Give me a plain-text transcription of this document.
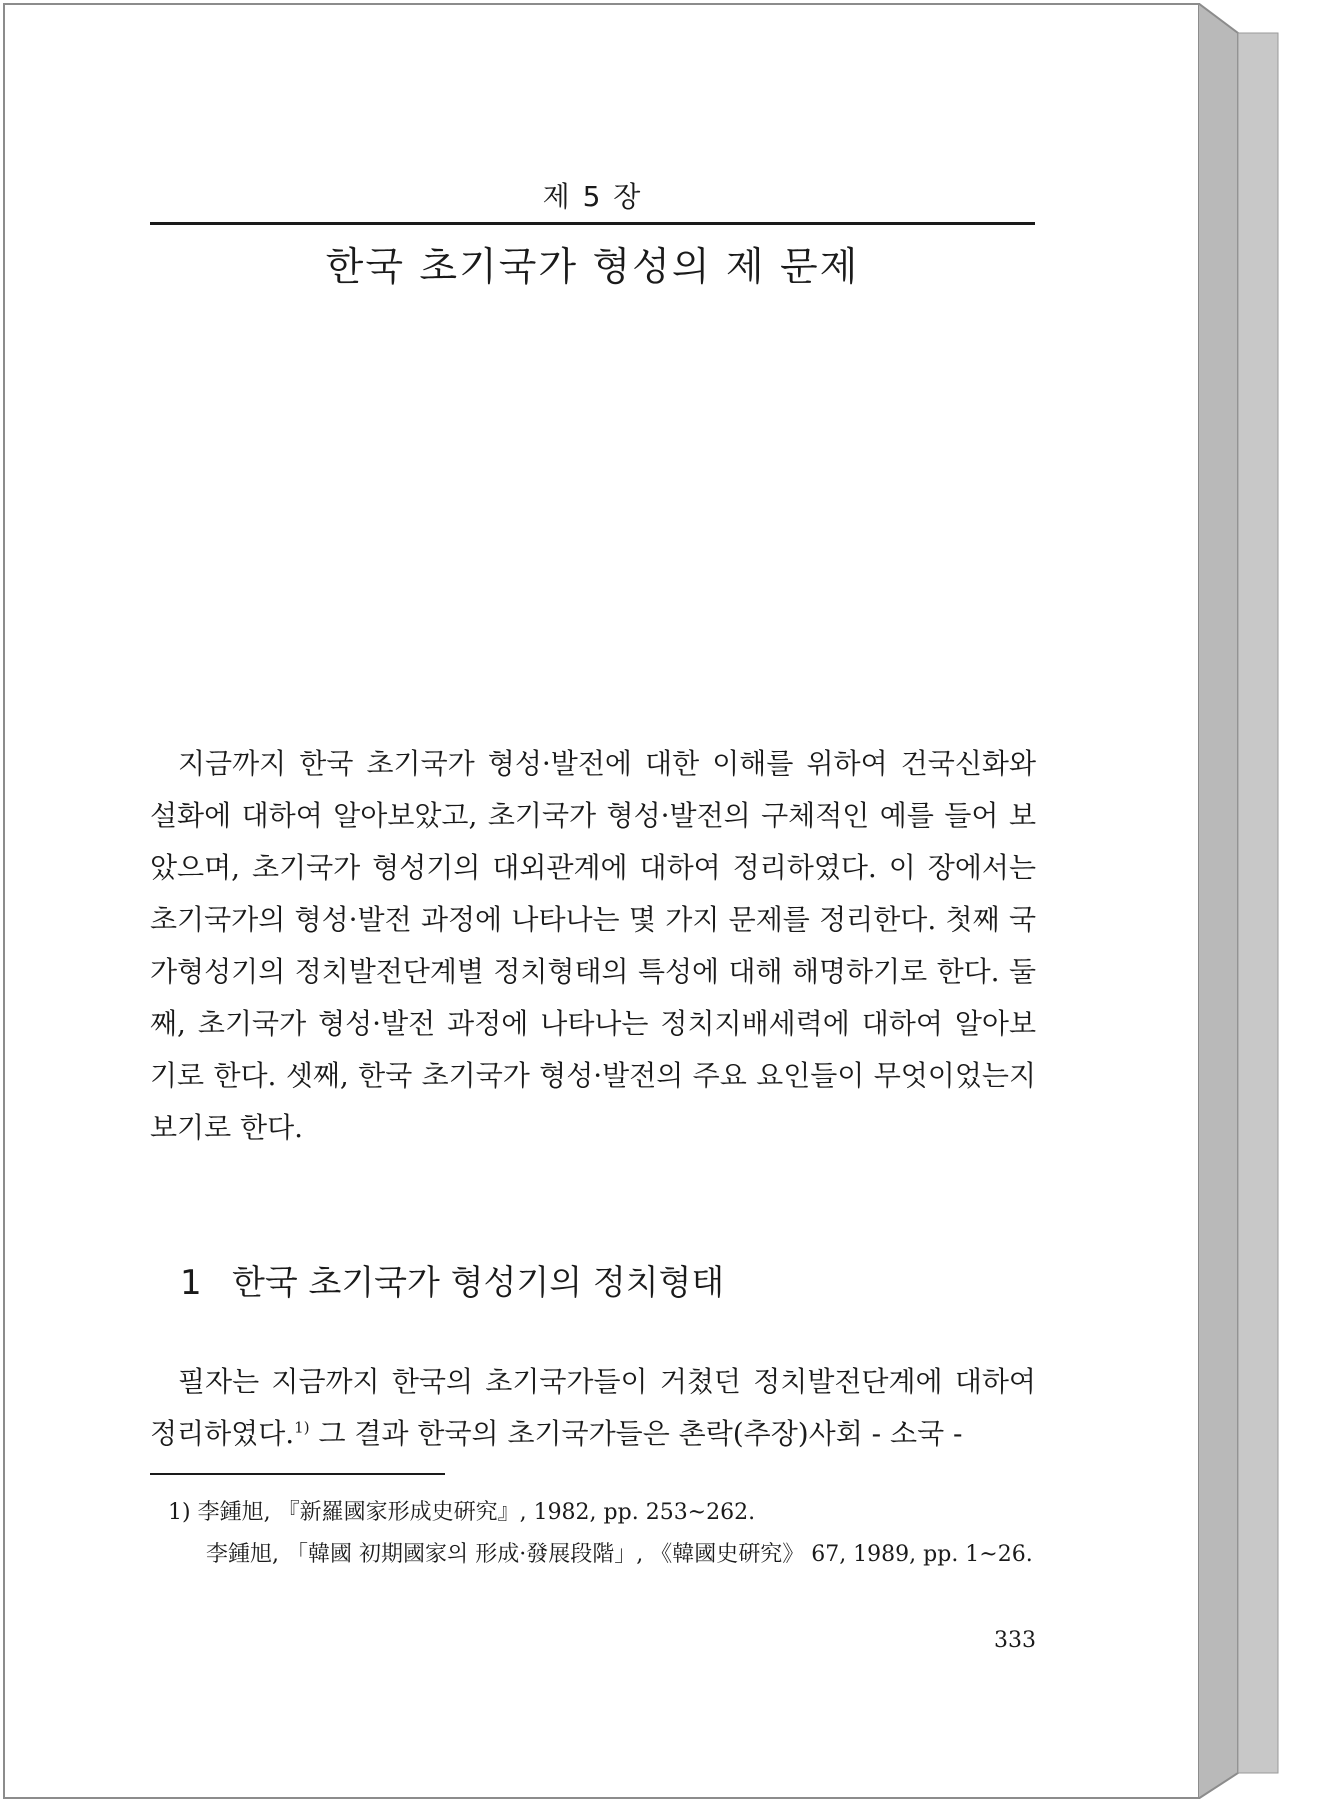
제 5 장
한국 초기국가 형성의 제 문제

지금까지 한국 초기국가 형성·발전에 대한 이해를 위하여 건국신화와 설화에 대하여 알아보았고, 초기국가 형성·발전의 구체적인 예를 들어 보았으며, 초기국가 형성기의 대외관계에 대하여 정리하였다. 이 장에서는 초기국가의 형성·발전 과정에 나타나는 몇 가지 문제를 정리한다. 첫째 국가형성기의 정치발전단계별 정치형태의 특성에 대해 해명하기로 한다. 둘째, 초기국가 형성·발전 과정에 나타나는 정치지배세력에 대하여 알아보기로 한다. 셋째, 한국 초기국가 형성·발전의 주요 요인들이 무엇이었는지 보기로 한다.

1 한국 초기국가 형성기의 정치형태

필자는 지금까지 한국의 초기국가들이 거쳤던 정치발전단계에 대하여 정리하였다.$^{1)}$ 그 결과 한국의 초기국가들은 촌락(추장)사회 - 소국 -

1) 李鍾旭, 『新羅國家形成史硏究』, 1982, pp. 253~262.
李鍾旭, 「韓國 初期國家의 形成·發展段階」, 《韓國史硏究》 67, 1989, pp. 1~26.
333
